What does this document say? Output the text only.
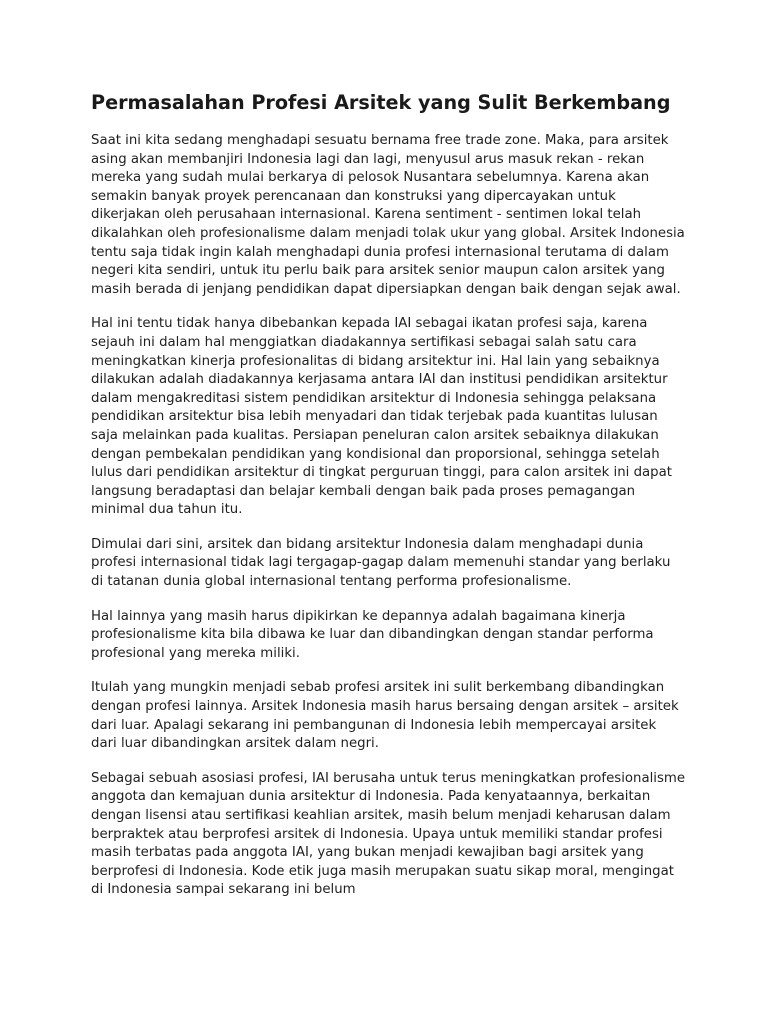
Permasalahan Profesi Arsitek yang Sulit Berkembang

Saat ini kita sedang menghadapi sesuatu bernama free trade zone. Maka, para arsitek asing akan membanjiri Indonesia lagi dan lagi, menyusul arus masuk rekan - rekan mereka yang sudah mulai berkarya di pelosok Nusantara sebelumnya. Karena akan semakin banyak proyek perencanaan dan konstruksi yang dipercayakan untuk dikerjakan oleh perusahaan internasional. Karena sentiment - sentimen lokal telah dikalahkan oleh profesionalisme dalam menjadi tolak ukur yang global. Arsitek Indonesia tentu saja tidak ingin kalah menghadapi dunia profesi internasional terutama di dalam negeri kita sendiri, untuk itu perlu baik para arsitek senior maupun calon arsitek yang masih berada di jenjang pendidikan dapat dipersiapkan dengan baik dengan sejak awal.

Hal ini tentu tidak hanya dibebankan kepada IAI sebagai ikatan profesi saja, karena sejauh ini dalam hal menggiatkan diadakannya sertifikasi sebagai salah satu cara meningkatkan kinerja profesionalitas di bidang arsitektur ini. Hal lain yang sebaiknya dilakukan adalah diadakannya kerjasama antara IAI dan institusi pendidikan arsitektur dalam mengakreditasi sistem pendidikan arsitektur di Indonesia sehingga pelaksana pendidikan arsitektur bisa lebih menyadari dan tidak terjebak pada kuantitas lulusan saja melainkan pada kualitas. Persiapan peneluran calon arsitek sebaiknya dilakukan dengan pembekalan pendidikan yang kondisional dan proporsional, sehingga setelah lulus dari pendidikan arsitektur di tingkat perguruan tinggi, para calon arsitek ini dapat langsung beradaptasi dan belajar kembali dengan baik pada proses pemagangan minimal dua tahun itu.

Dimulai dari sini, arsitek dan bidang arsitektur Indonesia dalam menghadapi dunia profesi internasional tidak lagi tergagap-gagap dalam memenuhi standar yang berlaku di tatanan dunia global internasional tentang performa profesionalisme.

Hal lainnya yang masih harus dipikirkan ke depannya adalah bagaimana kinerja profesionalisme kita bila dibawa ke luar dan dibandingkan dengan standar performa profesional yang mereka miliki.

Itulah yang mungkin menjadi sebab profesi arsitek ini sulit berkembang dibandingkan dengan profesi lainnya. Arsitek Indonesia masih harus bersaing dengan arsitek – arsitek dari luar. Apalagi sekarang ini pembangunan di Indonesia lebih mempercayai arsitek dari luar dibandingkan arsitek dalam negri.

Sebagai sebuah asosiasi profesi, IAI berusaha untuk terus meningkatkan profesionalisme anggota dan kemajuan dunia arsitektur di Indonesia. Pada kenyataannya, berkaitan dengan lisensi atau sertifikasi keahlian arsitek, masih belum menjadi keharusan dalam berpraktek atau berprofesi arsitek di Indonesia. Upaya untuk memiliki standar profesi masih terbatas pada anggota IAI, yang bukan menjadi kewajiban bagi arsitek yang berprofesi di Indonesia. Kode etik juga masih merupakan suatu sikap moral, mengingat di Indonesia sampai sekarang ini belum
